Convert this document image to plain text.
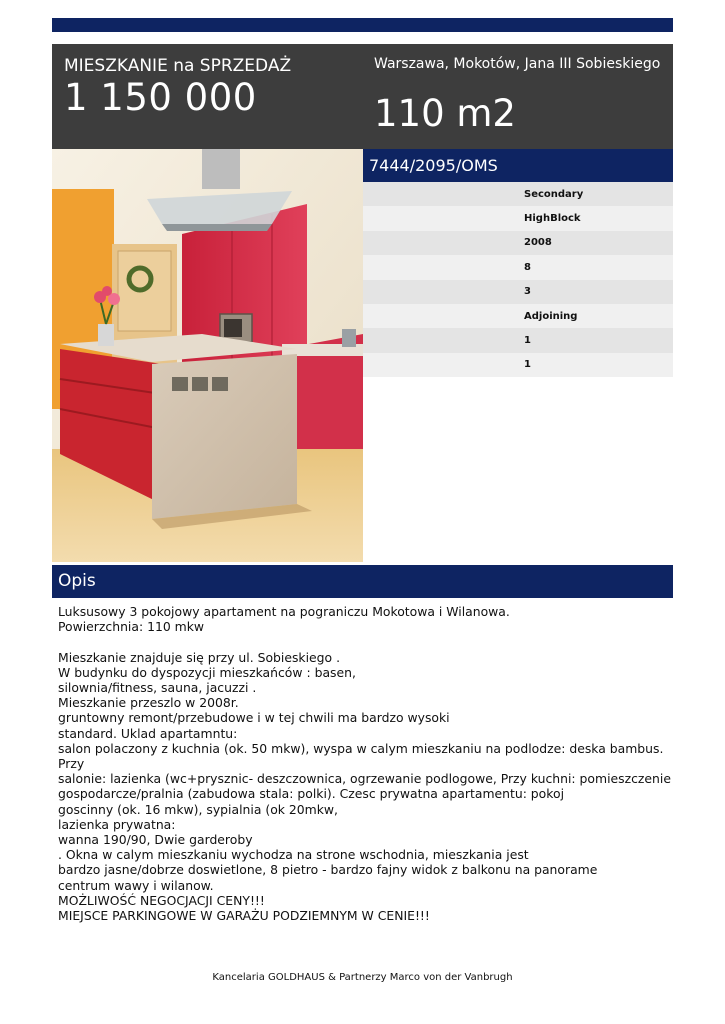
MIESZKANIE na SPRZEDAŻ
1 150 000
Warszawa, Mokotów, Jana III Sobieskiego
110 m2
7444/2095/OMS
Secondary
HighBlock
2008
8
3
Adjoining
1
1
Opis
Luksusowy 3 pokojowy apartament na pograniczu Mokotowa i Wilanowa.
Powierzchnia: 110 mkw
Mieszkanie znajduje się przy ul. Sobieskiego .
W budynku do dyspozycji mieszkańców : basen,
silownia/fitness, sauna, jacuzzi .
Mieszkanie przeszlo w 2008r.
gruntowny remont/przebudowe i w tej chwili ma bardzo wysoki
standard. Uklad apartamntu:
salon polaczony z kuchnia (ok. 50 mkw), wyspa w calym mieszkaniu na podlodze: deska bambus.
Przy
salonie: lazienka (wc+prysznic- deszczownica, ogrzewanie podlogowe, Przy kuchni: pomieszczenie
gospodarcze/pralnia (zabudowa stala: polki). Czesc prywatna apartamentu: pokoj
goscinny (ok. 16 mkw), sypialnia (ok 20mkw,
lazienka prywatna:
wanna 190/90, Dwie garderoby
. Okna w calym mieszkaniu wychodza na strone wschodnia, mieszkania jest
bardzo jasne/dobrze doswietlone, 8 pietro - bardzo fajny widok z balkonu na panorame
centrum wawy i wilanow.
MOŻLIWOŚĆ NEGOCJACJI CENY!!!
MIEJSCE PARKINGOWE W GARAŻU PODZIEMNYM W CENIE!!!
Kancelaria GOLDHAUS & Partnerzy Marco von der Vanbrugh
